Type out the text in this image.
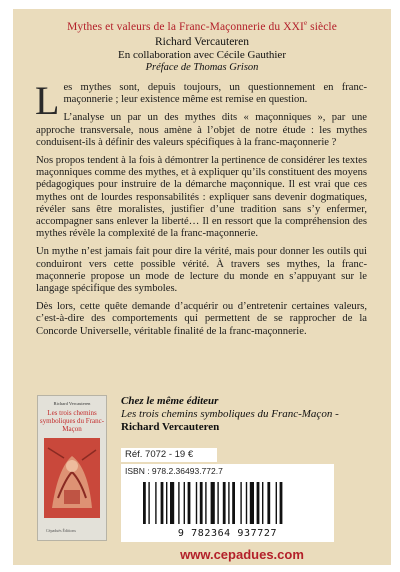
Mythes et valeurs de la Franc-Maçonnerie du XXIe siècle
Richard Vercauteren
En collaboration avec Cécile Gauthier
Préface de Thomas Grison

Les mythes sont, depuis toujours, un questionnement en franc-maçonnerie ; leur existence même est remise en question.

L’analyse un par un des mythes dits « maçonniques », par une approche transversale, nous amène à l’objet de notre étude : les mythes conduisent-ils à définir des valeurs spécifiques à la franc-maçonnerie ?

Nos propos tendent à la fois à démontrer la pertinence de considérer les textes maçonniques comme des mythes, et à expliquer qu’ils constituent des moyens pédagogiques pour instruire de la démarche maçonnique. Il est vrai que ces mythes ont de lourdes responsabilités : expliquer sans devenir dogmatiques, révéler sans être moralistes, justifier d’une tradition sans s’y enfermer, accompagner sans enlever la liberté… Il en ressort que la compréhension des mythes révèle la complexité de la franc-maçonnerie.

Un mythe n’est jamais fait pour dire la vérité, mais pour donner les outils qui conduiront vers cette possible vérité. À travers ses mythes, la franc-maçonnerie propose un mode de lecture du monde en s’appuyant sur le langage spécifique des symboles.

Dès lors, cette quête demande d’acquérir ou d’entretenir certaines valeurs, c’est-à-dire des comportements qui permettent de se rapprocher de la Concorde Universelle, véritable finalité de la franc-maçonnerie.

Richard Vercauteren
Les trois chemins symboliques du Franc-Maçon
Cépaduès Éditions
Chez le même éditeur
Les trois chemins symboliques du Franc-Maçon - Richard Vercauteren
Réf. 7072 - 19 €
ISBN : 978.2.36493.772.7
9 782364 937727
www.cepadues.com
